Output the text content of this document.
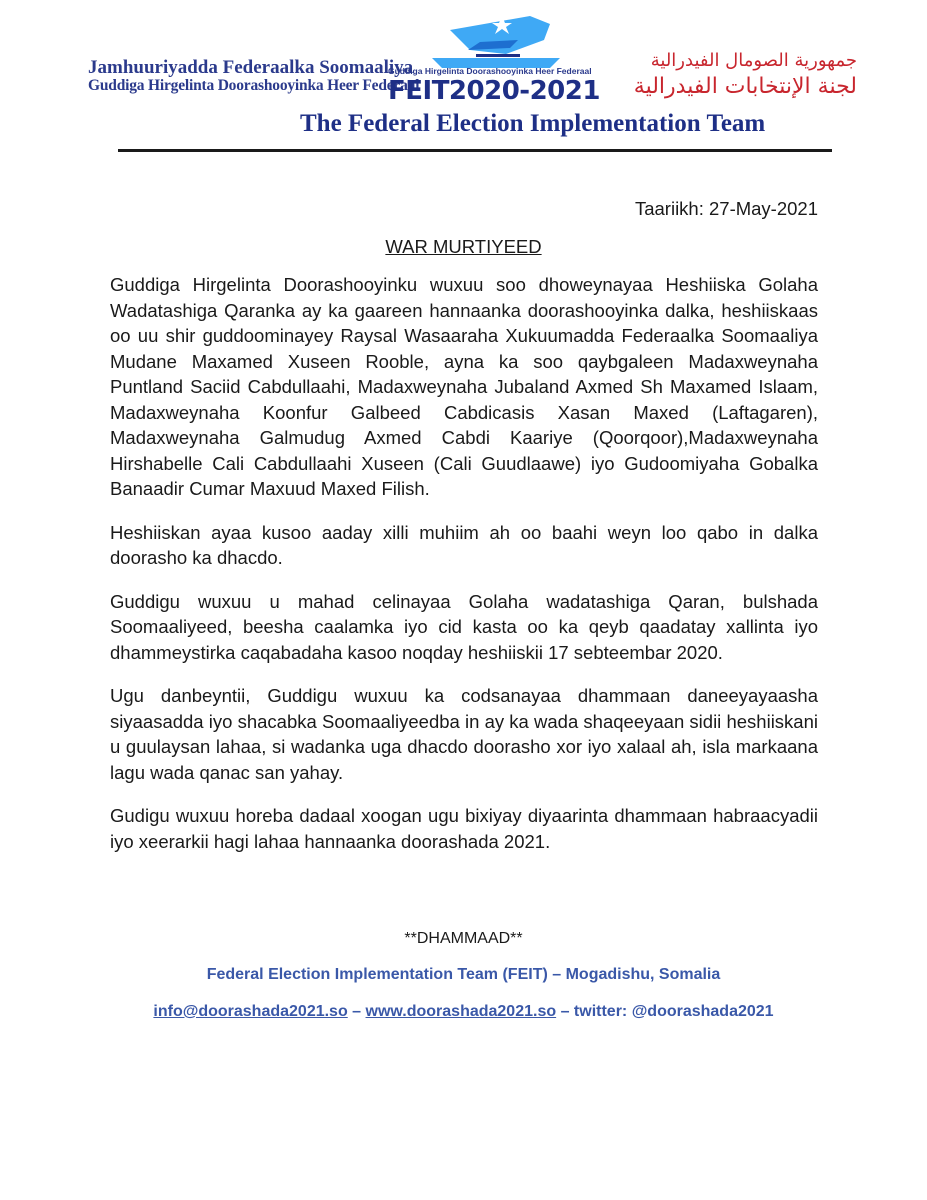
Jamhuuriyadda Federaalka Soomaaliya
Guddiga Hirgelinta Doorashooyinka Heer Federaal
Guddiga Hirgelinta Doorashooyinka Heer Federaal
FEIT2020-2021
جمهورية الصومال الفيدرالية
لجنة الإنتخابات الفيدرالية
The Federal Election Implementation Team
Taariikh: 27-May-2021
WAR MURTIYEED

Guddiga Hirgelinta Doorashooyinku wuxuu soo dhoweynayaa Heshiiska Golaha Wadatashiga Qaranka ay ka gaareen hannaanka doorashooyinka dalka, heshiiskaas oo uu shir guddoominayey Raysal Wasaaraha Xukuumadda Federaalka Soomaaliya Mudane Maxamed Xuseen Rooble, ayna ka soo qaybgaleen Madaxweynaha Puntland Saciid Cabdullaahi, Madaxweynaha Jubaland Axmed Sh Maxamed Islaam, Madaxweynaha Koonfur Galbeed Cabdicasis Xasan Maxed (Laftagaren), Madaxweynaha Galmudug Axmed Cabdi Kaariye (Qoorqoor),Madaxweynaha Hirshabelle Cali Cabdullaahi Xuseen (Cali Guudlaawe) iyo Gudoomiyaha Gobalka Banaadir Cumar Maxuud Maxed Filish.

Heshiiskan ayaa kusoo aaday xilli muhiim ah oo baahi weyn loo qabo in dalka doorasho ka dhacdo.

Guddigu wuxuu u mahad celinayaa Golaha wadatashiga Qaran, bulshada Soomaaliyeed, beesha caalamka iyo cid kasta oo ka qeyb qaadatay xallinta iyo dhammeystirka caqabadaha kasoo noqday heshiiskii 17 sebteembar 2020.

Ugu danbeyntii, Guddigu wuxuu ka codsanayaa dhammaan daneeyayaasha siyaasadda iyo shacabka Soomaaliyeedba in ay ka wada shaqeeyaan sidii heshiiskani u guulaysan lahaa, si wadanka uga dhacdo doorasho xor iyo xalaal ah, isla markaana lagu wada qanac san yahay.

Gudigu wuxuu horeba dadaal xoogan ugu bixiyay diyaarinta dhammaan habraacyadii iyo xeerarkii hagi lahaa hannaanka doorashada 2021.

**DHAMMAAD**
Federal Election Implementation Team (FEIT) – Mogadishu, Somalia
info@doorashada2021.so – www.doorashada2021.so – twitter: @doorashada2021
